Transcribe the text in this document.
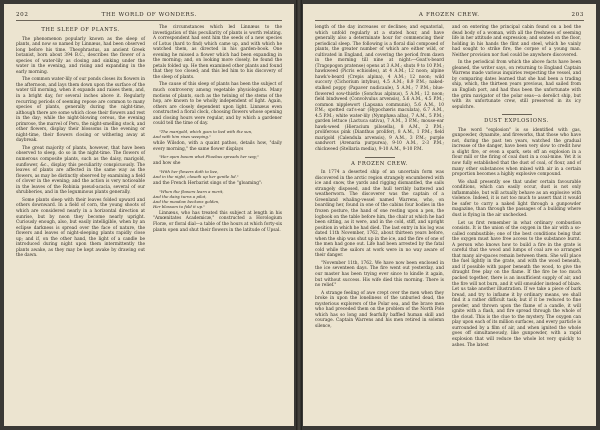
202	THE WORLD OF WONDERS.
THE SLEEP OF PLANTS.

The phenomenon popularly known as the sleep of plants, and now so named by Linnæus, had been observed long before his time. Theophrastus, an ancient Greek botanist, born about 394 B.C., describes the flower of a species of water-lily as closing and sinking under the water in the evening, and rising and expanding in the early morning.

The common water-lily of our ponds closes its flowers in the afternoon, and lays them down upon the surface of the water till morning, when it expands and raises them, and, in a bright day, for several inches above it. Regularly recurring periods of seeming repose are common to many species of plants, generally during the night-time, although there are some which close their flowers and rest in the day; while the night-blowing cereus, the evening primrose, the marvel of Peru, the night-smelling stock, and other flowers, display their blossoms in the evening or night-time, their flowers closing or withering away at daybreak.

The great majority of plants, however, that have been observed to sleep, do so in the night-time. The flowers of numerous composite plants, such as the daisy, marigold, sunflower, &c., display this peculiarity conspicuously. The leaves of plants are affected in the same way as the flowers, as may be distinctly observed by examining a field of clover in the evening; and the action is very noticeable in the leaves of the Robinia pseud-acacia, several of our shrubberies, and in the leguminous plants generally.

Some plants sleep with their leaves folded upward and others downward. In a field of corn, the young shoots of which are considered nearly in a horizontal direction at sunrise, but by noon they become nearly upright. Curiously enough, also, but easily intelligible, when by an eclipse darkness is spread over the face of nature, the flowers and leaves of night-sleeping plants rapidly close up; and if, on the other hand, the light of a candle be introduced during night upon them intermittently the plants awake, as they may be kept awake by drawing out the dawn.

The circumstances which led Linnæus to the investigation of this peculiarity of plants is worth relating. A correspondent had sent him the seeds of a new species of Lotus (hard to find) which came up, and with which he watched them, as directed in his garden-book. One evening he missed a flower which had been expanding in the morning; and, on looking more closely, he found the petals folded up. He then examined other plants and found that they too closed; and this led him to his discovery of the sleep of plants.

The cause of this sleep of plants has been the subject of much controversy among vegetable physiologists. Many motions of plants, such as the twining of the stems of the hop, are known to be wholly independent of light. Again, others are closely dependent upon light. Linnæus even constructed a floral clock, choosing flowers whose opening and closing hours were regular, and by which a gardener could tell the time of day.

"The marigold, which goes to bed with the sun,
And with him rises weeping."

while Wilsdon, with a quaint pathos, details how, "daily every morning," the same flower displays

"Her open bosom what Phoebus spreads her way;"

and how she

"With her flowers doth to bee,
And in the night, closeth up her gentle lid."

and the French Herbarist sings of the "gloaming":

"When the flowers learn a merit,
And the daisy turns a pilot,
And the meadow beckons golden,
Her blossom to fold it up."

Linnæus, who has treated this subject at length in his "Amœnitates Academicæ," constructed a Horologium Floræ, or floral dial—a table of the hours at which forty-six plants open and shut their flowers in the latitude of Upsal.

A FROZEN CREW.	203

length of the day increases or declines; and equatorial, which unfold regularly at a stated hour, and have generally also a determinate hour for commencing their periodical sleep. The following is a floral dial composed of plants, the greater number of which are either wild, or cultivated in England, and covering the period from dawn in the morning till nine at night:—Goat's-beard (Tragopogon pratense) opens at 3 A.M.; shuts 9 to 10 P.M.; hawkweed (Picris echioides), at 4 A.M.; 12 noon; alpine hawk's-beard (Crepis alpina), 4 A.M.; 12 noon; wild succory (Cichorium intybus), 4.5 A.M.; 8.9 P.M.; naked-stalked poppy (Papaver nudicaule), 5 A.M.; 7 P.M.; blue-flowered sow-thistle (Sonchus alpinus), 5 A.M.; 12 noon; field bindweed (Convolvulus arvensis), 5.6 A.M., 4.5 P.M.; common nipplewort (Lapsana communis), 5.6 A.M., 10 P.M.; spotted cat's-ear (Hypochæris maculata), 6.7 A.M., 4.5 P.M.; white water-lily (Nymphæa alba), 7 A.M., 5 P.M.; garden lettuce (Lactuca sativa), 7 A.M., 3 P.M.; mouse-ear hawk-weed (Hieracium pilosella), 8 A.M., 2 P.M.; proliferous pink (Dianthus prolifer), 8 A.M., 1 P.M.; field marigold (Calendula arvensis), 9 A.M., 3 P.M.; purple sandwort (Arenaria purpurea), 9-10 A.M., 2-3 P.M.; chickweed (Stellaria media), 9-10 A.M., 9-10 P.M.

A FROZEN CREW.

In 1774 a deserted ship of an uncertain form was discovered in the arctic region strangely encumbered with ice and snow, the yards and rigging dismantled, the sails strangely disposed, and the hull terribly battered and weatherworn. The discoverer was the captain of a Greenland whaling-vessel named Warrens, who, on boarding her, found in one of the cabins four bodies in the frozen posture, the hand of one resting upon a pen, the logbook on the table before him, the chair at which he had been sitting, as it were, and in the cold, stiff, and upright position in which he had died. The last entry in his log was dated 11th November, 1762, about thirteen years before, when the ship was shut up in the ice, and the fire of one of the men had gone out. Life had been arrested by the fatal cold while the sailors at work were in no way aware of their danger.

"November 11th, 1762. We have now been enclosed in the ice seventeen days. The fire went out yesterday, and our master has been trying ever since to kindle it again, but without success. His wife died this morning. There is no relief."

A strange feeling of awe crept over the men when they broke in upon the loneliness of the unburied dead, the mysterious explorers of the Polar sea, and the brave men who had preceded them on the problem of the North Pole which has so long and fearfully baffled human skill and courage. Captain Warrens and his men retired in solemn silence,

and on entering the principal cabin found on a bed the dead body of a woman, with all the freshness of seeming life in her attitude and expression; and seated on the floor, holding in his hands the flint and steel, which he vainly had sought to strike fire, the corpse of a young man. Neither provision nor fuel could be anywhere discovered.

In the periodical from which the above facts have been gleaned, the writer says, on returning to England Captain Warrens made various inquiries respecting the vessel, and by comparing dates learned that she had been a trading ship, which, the thirteen years previous, had sailed from an English port, and had thus been the unfortunate with the grim navigator of the polar seas—a derelict ship, but with its unfortunate crew, still preserved in its icy sepulchre.

DUST EXPLOSIONS.

The word "explosion" is so identified with gas, gunpowder, dynamite, and fireworks, that those who have not, during the past ten years, watched the gradual increase of the danger, have been very slow to credit how a slight fire, or even a spark, sets off an explosion in a flour mill or the firing of coal dust in a coal-mine. Yet it is now fully established that the dust of coal, of flour, and of many other substances when mixed with air in a certain proportion becomes a highly explosive compound.

We shall presently see that under certain favourable conditions, which can easily occur, dust is not only inflammable, but will actually behave as an explosive with violence. Indeed, it is not too much to assert that it would be safer to carry a naked light through a gunpowder magazine, than through the passages of a building where dust is flying in the air unchecked.

Let us first remember in what ordinary combustion consists. It is the union of the oxygen in the air with a so-called combustible; one of the best conditions being that the oxygen must have free access to the substance burnt. A person who knows how to build a fire in the grate is careful that the wood and lumps of coal are so arranged that many air-spaces remain between them. She will place the fuel lightly in the grate, and with the wood beneath, and if possible with paper beneath the wood, to give the draught free play on the flame. If the fire be too much packed together, there is an insufficient supply of air, and the fire will not burn, and it will smoulder instead of blaze. Let us take another illustration. If we take a piece of bark bread, and try to inflame it by ordinary means, we shall find it a rather difficult task; but if it be reduced to fine powder, and thrown upon the flame of a candle, it will ignite with a flash, and fire spread through the whole of the cloud. This is the clue to the mystery. The oxygen can play upon each of its million surfaces, and every particle is surrounded by a film of air, and when ignited the whole goes off simultaneously, like gunpowder, with a rapid explosion that will reduce the whole lot very quickly to ashes. The latest
